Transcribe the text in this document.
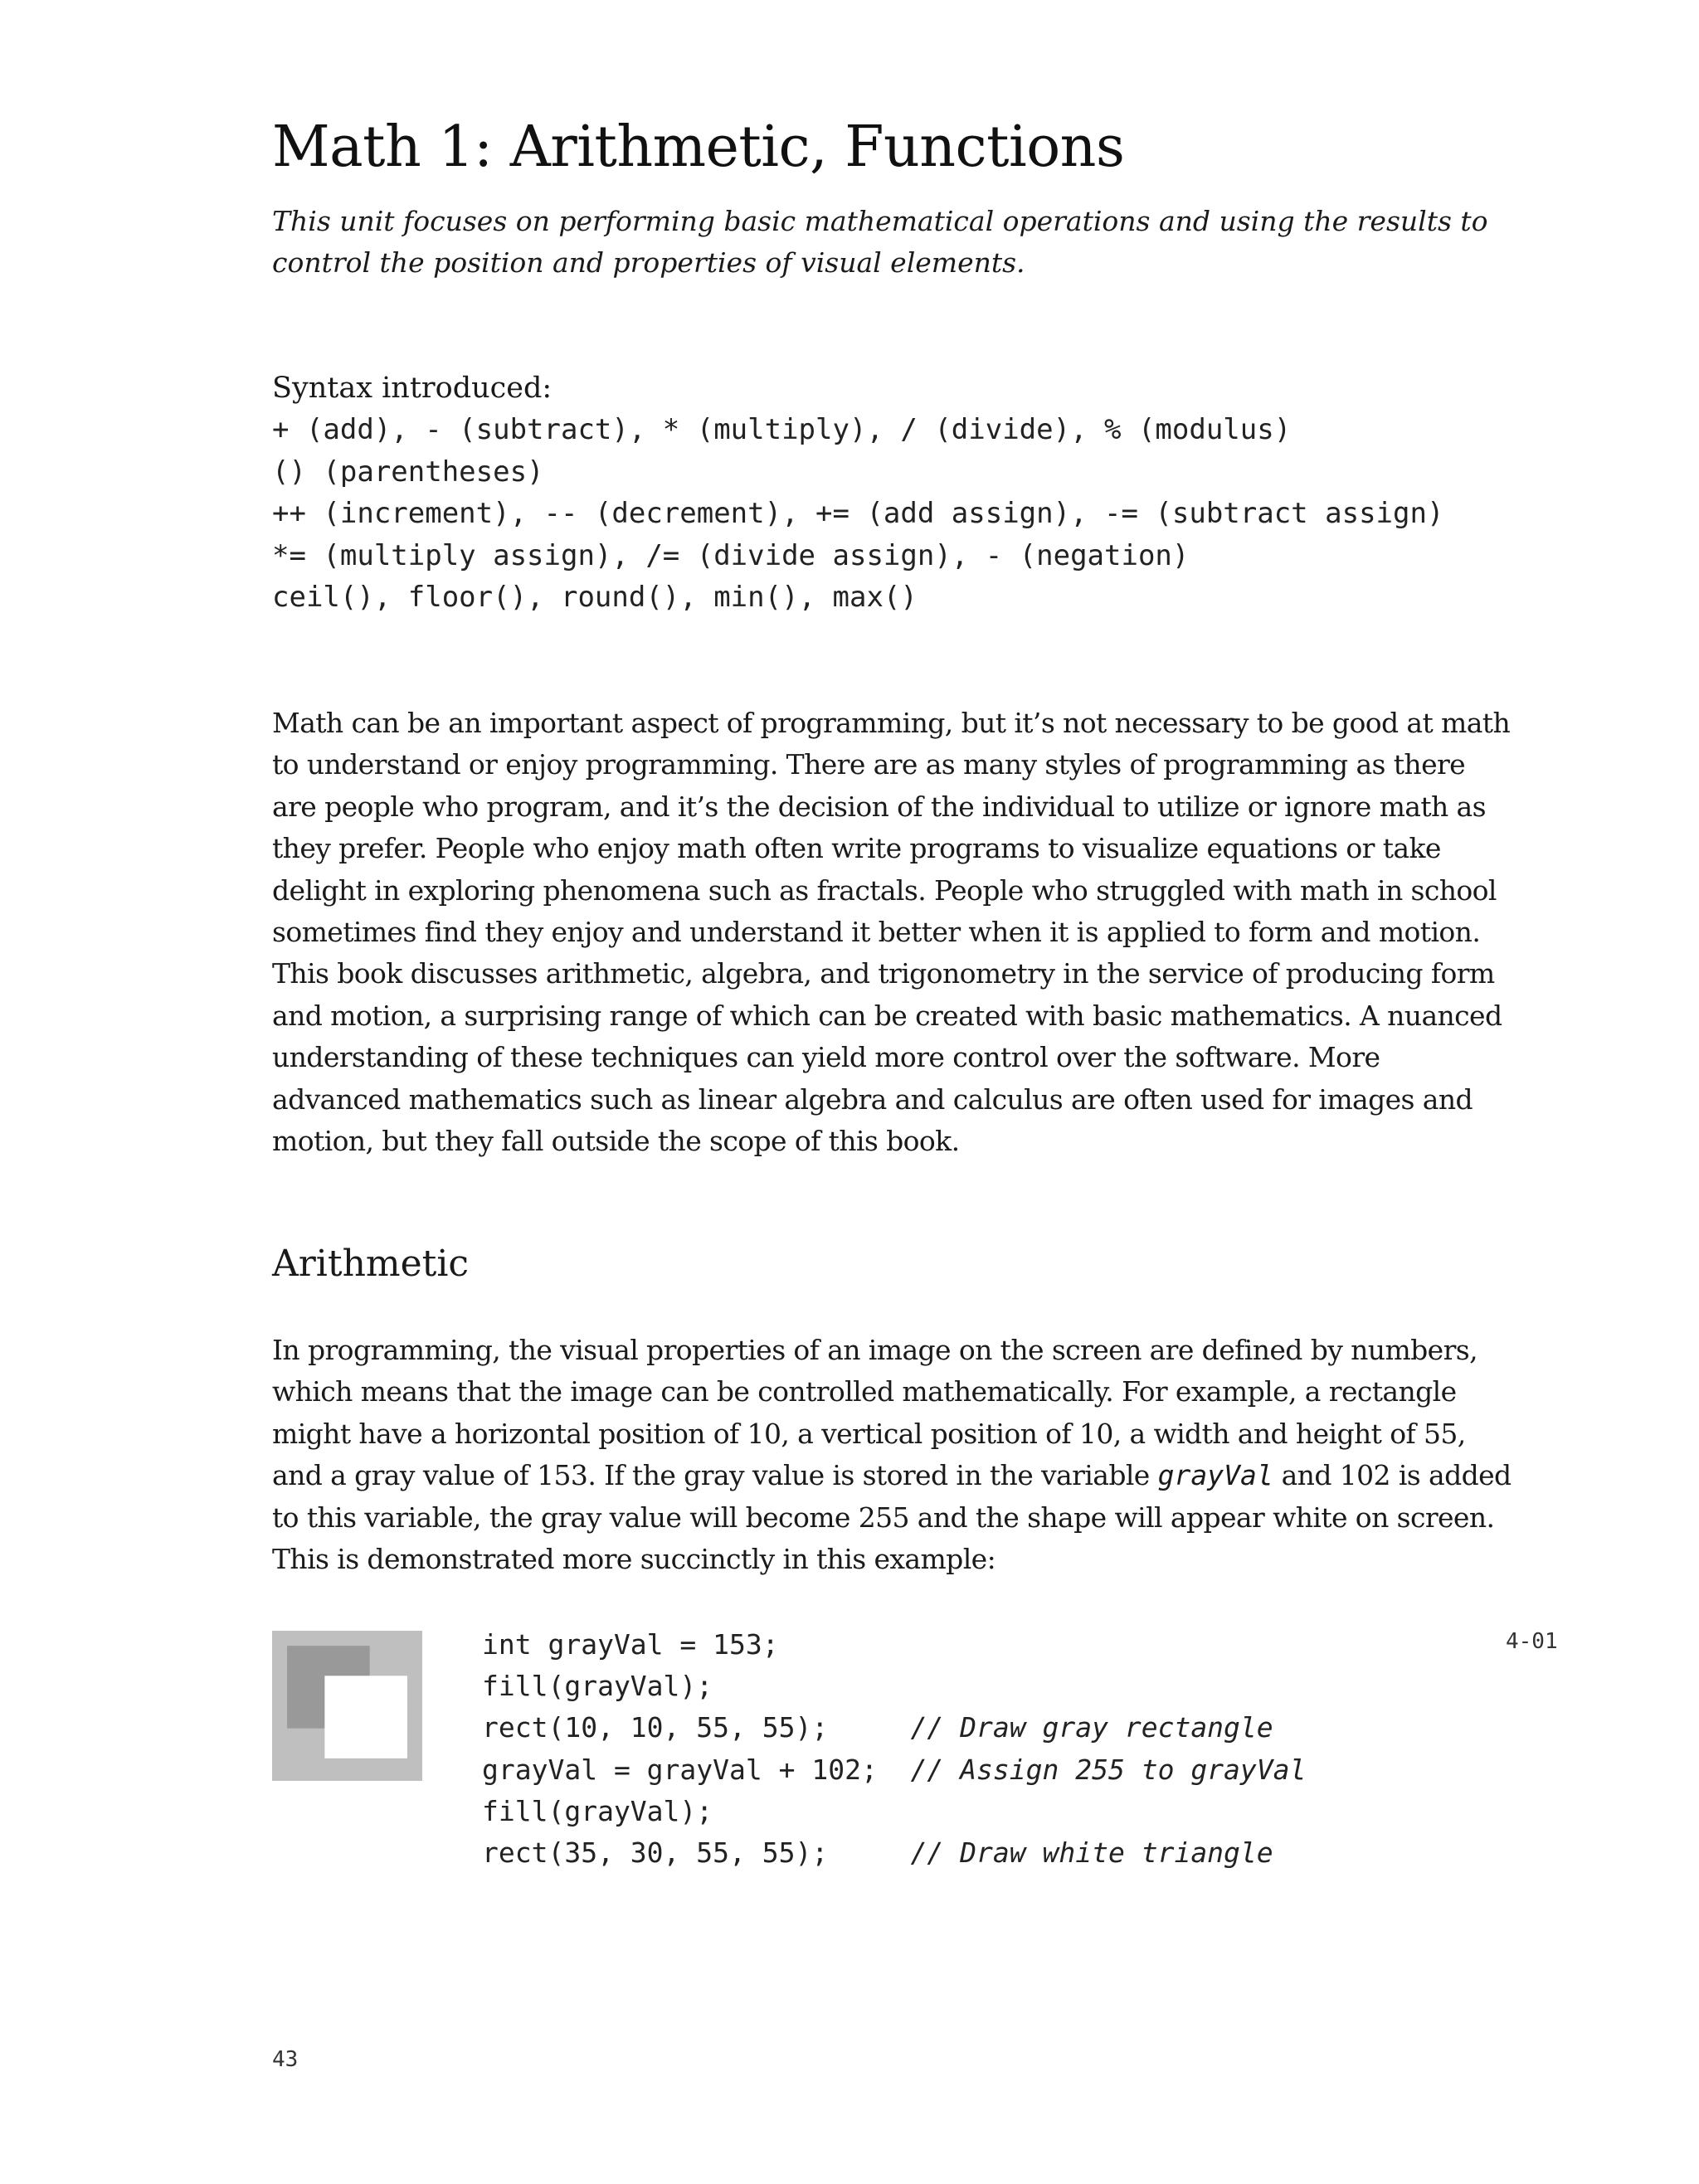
Math 1: Arithmetic, Functions

This unit focuses on performing basic mathematical operations and using the results to control the position and properties of visual elements.

Syntax introduced:

+ (add), - (subtract), * (multiply), / (divide), % (modulus)
() (parentheses)
++ (increment), -- (decrement), += (add assign), -= (subtract assign)
*= (multiply assign), /= (divide assign), - (negation)
ceil(), floor(), round(), min(), max()

Math can be an important aspect of programming, but it’s not necessary to be good at math to understand or enjoy programming. There are as many styles of programming as there are people who program, and it’s the decision of the individual to utilize or ignore math as they prefer. People who enjoy math often write programs to visualize equations or take delight in exploring phenomena such as fractals. People who struggled with math in school sometimes find they enjoy and understand it better when it is applied to form and motion. This book discusses arithmetic, algebra, and trigonometry in the service of producing form and motion, a surprising range of which can be created with basic mathematics. A nuanced understanding of these techniques can yield more control over the software. More advanced mathematics such as linear algebra and calculus are often used for images and motion, but they fall outside the scope of this book.

Arithmetic

In programming, the visual properties of an image on the screen are defined by numbers, which means that the image can be controlled mathematically. For example, a rectangle might have a horizontal position of 10, a vertical position of 10, a width and height of 55, and a gray value of 153. If the gray value is stored in the variable grayVal and 102 is added to this variable, the gray value will become 255 and the shape will appear white on screen. This is demonstrated more succinctly in this example:

int grayVal = 153;
fill(grayVal);
rect(10, 10, 55, 55);     // Draw gray rectangle
grayVal = grayVal + 102;  // Assign 255 to grayVal
fill(grayVal);
rect(35, 30, 55, 55);     // Draw white triangle
4-01
43
